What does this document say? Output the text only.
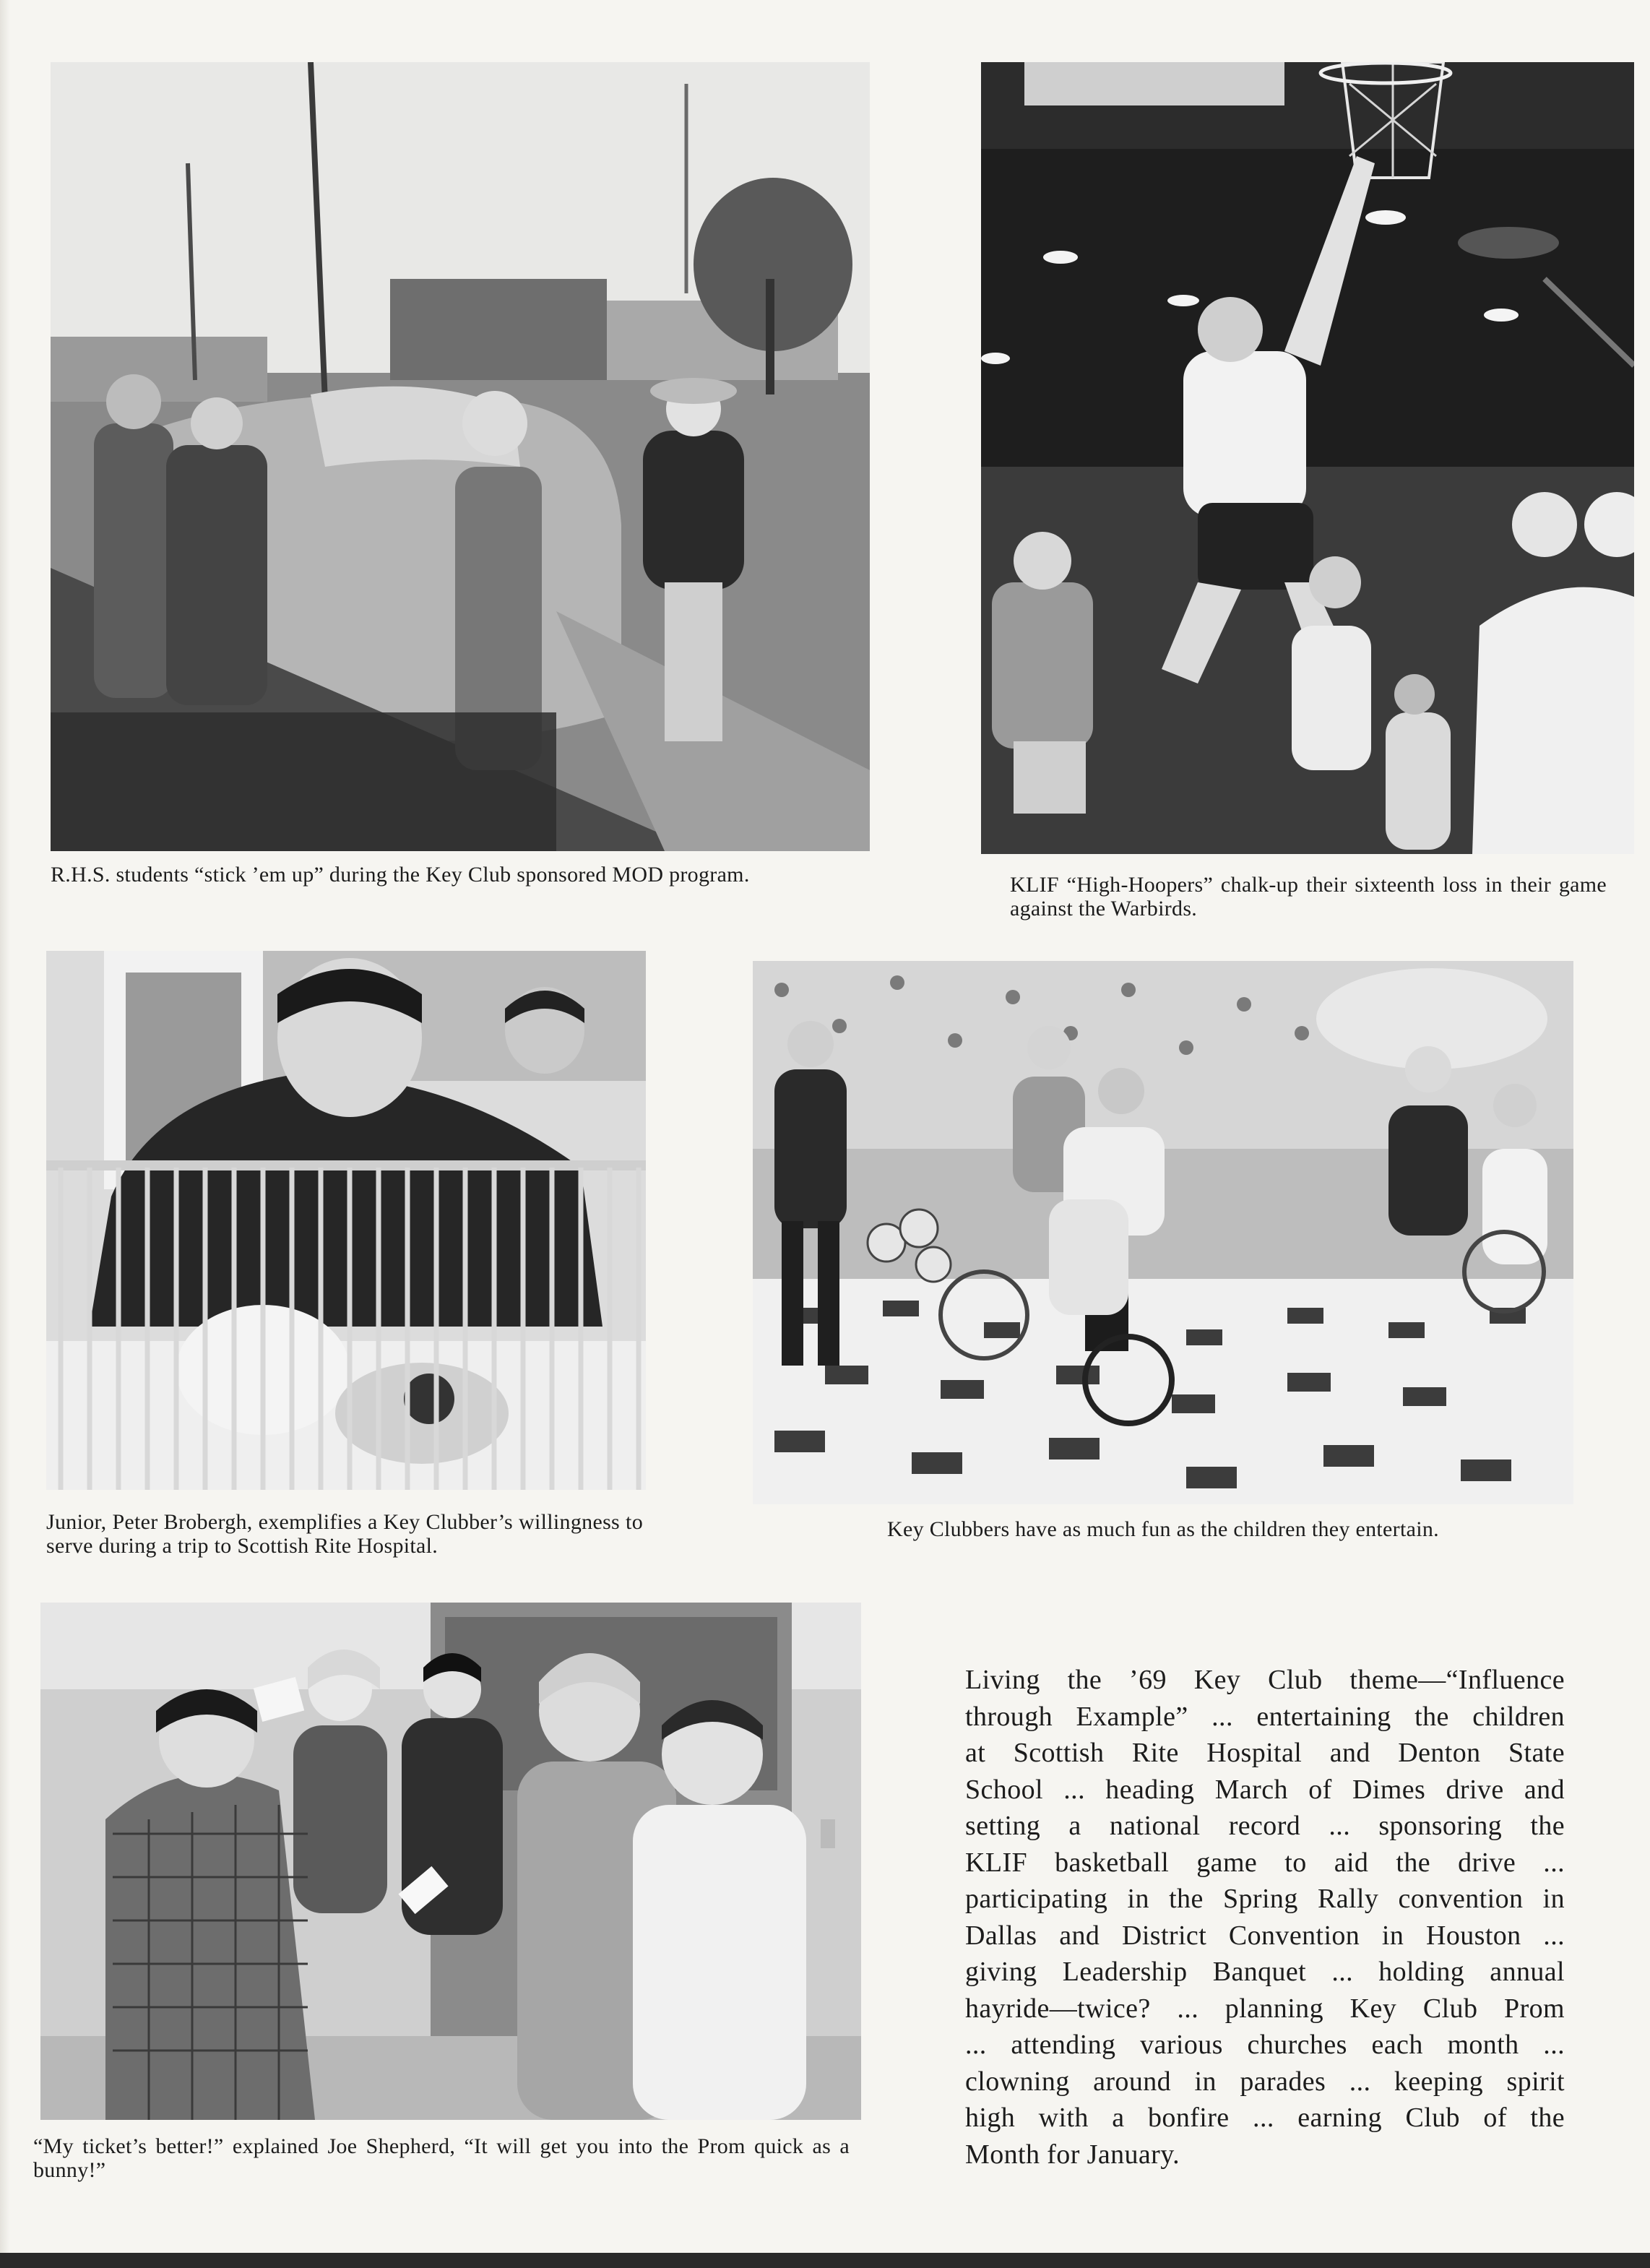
R.H.S. students “stick ’em up” during the Key Club sponsored MOD program.	KLIF “High-Hoopers” chalk-up their sixteenth loss in their game against the Warbirds.
Junior, Peter Brobergh, exemplifies a Key Clubber’s willingness to serve during a trip to Scottish Rite Hospital.
Key Clubbers have as much fun as the children they entertain.
“My ticket’s better!” explained Joe Shepherd, “It will get you into the Prom quick as a bunny!”
Living the ’69 Key Club theme—“Influence
through Example” ... entertaining the children
at Scottish Rite Hospital and Denton State
School ... heading March of Dimes drive and
setting a national record ... sponsoring the
KLIF basketball game to aid the drive ...
participating in the Spring Rally convention in
Dallas and District Convention in Houston ...
giving Leadership Banquet ... holding annual
hayride—twice? ... planning Key Club Prom
... attending various churches each month ...
clowning around in parades ... keeping spirit
high with a bonfire ... earning Club of the
Month for January.
